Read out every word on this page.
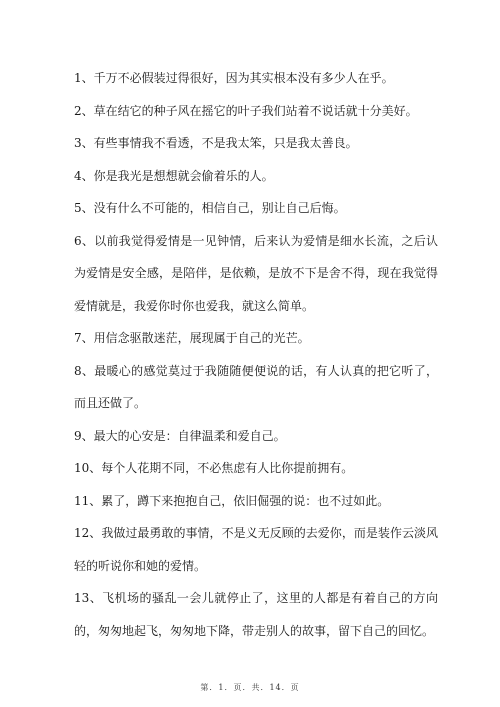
1、千万不必假装过得很好，因为其实根本没有多少人在乎。

2、草在结它的种子风在摇它的叶子我们站着不说话就十分美好。

3、有些事情我不看透，不是我太笨，只是我太善良。

4、你是我光是想想就会偷着乐的人。

5、没有什么不可能的，相信自己，别让自己后悔。

6、以前我觉得爱情是一见钟情，后来认为爱情是细水长流，之后认为爱情是安全感，是陪伴，是依赖，是放不下是舍不得，现在我觉得爱情就是，我爱你时你也爱我，就这么简单。

7、用信念驱散迷茫，展现属于自己的光芒。

8、最暖心的感觉莫过于我随随便便说的话，有人认真的把它听了，而且还做了。

9、最大的心安是：自律温柔和爱自己。

10、每个人花期不同，不必焦虑有人比你提前拥有。

11、累了，蹲下来抱抱自己，依旧倔强的说：也不过如此。

12、我做过最勇敢的事情，不是义无反顾的去爱你，而是装作云淡风轻的听说你和她的爱情。

13、飞机场的骚乱一会儿就停止了，这里的人都是有着自己的方向的，匆匆地起飞，匆匆地下降，带走别人的故事，留下自己的回忆。

第．1．页．共．14．页
